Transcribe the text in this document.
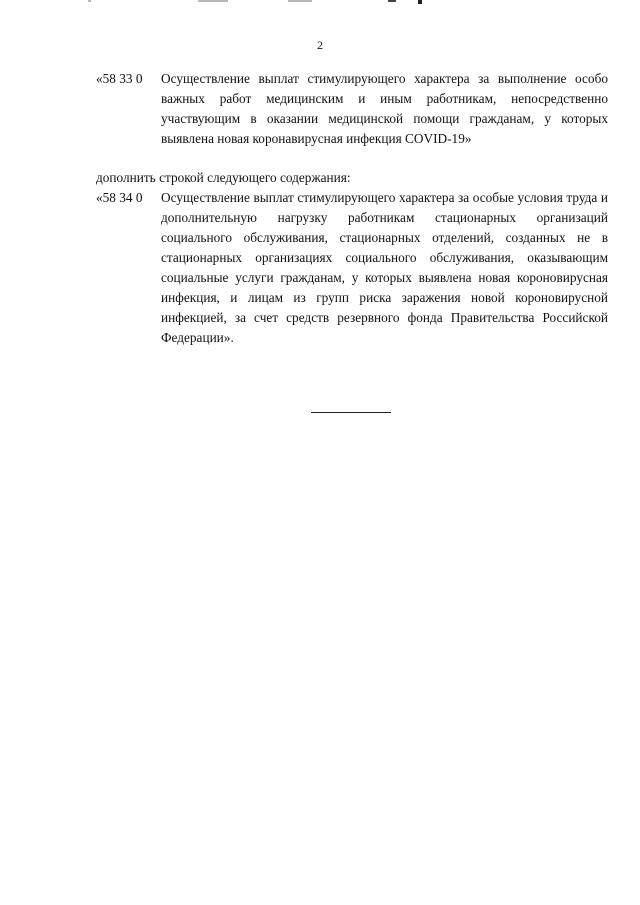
2
«58 33 0 Осуществление выплат стимулирующего характера за выполнение особо важных работ медицинским и иным работникам, непосредственно участвующим в оказании медицинской помощи гражданам, у которых выявлена новая коронавирусная инфекция COVID-19»
дополнить строкой следующего содержания:
«58 34 0 Осуществление выплат стимулирующего характера за особые условия труда и дополнительную нагрузку работникам стационарных организаций социального обслуживания, стационарных отделений, созданных не в стационарных организациях социального обслуживания, оказывающим социальные услуги гражданам, у которых выявлена новая короновирусная инфекция, и лицам из групп риска заражения новой короновирусной инфекцией, за счет средств резервного фонда Правительства Российской Федерации».
